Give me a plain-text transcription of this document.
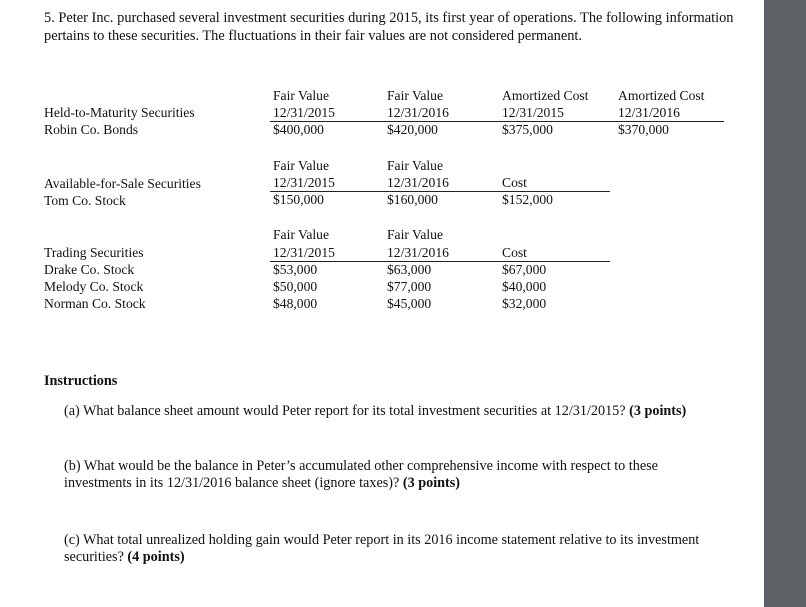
5. Peter Inc. purchased several investment securities during 2015, its first year of operations. The following information pertains to these securities. The fluctuations in their fair values are not considered permanent.
Held-to-Maturity Securities
Robin Co. Bonds
Fair Value
12/31/2015
$400,000
Fair Value
12/31/2016
$420,000
Amortized Cost
12/31/2015
$375,000
Amortized Cost
12/31/2016
$370,000
Available-for-Sale Securities
Tom Co. Stock
Fair Value
12/31/2015
$150,000
Fair Value
12/31/2016
$160,000
Cost
$152,000
Trading Securities
Drake Co. Stock
Melody Co. Stock
Norman Co. Stock
Fair Value
12/31/2015
$53,000
$50,000
$48,000
Fair Value
12/31/2016
$63,000
$77,000
$45,000
Cost
$67,000
$40,000
$32,000
Instructions
(a) What balance sheet amount would Peter report for its total investment securities at 12/31/2015? (3 points)
(b) What would be the balance in Peter’s accumulated other comprehensive income with respect to these investments in its 12/31/2016 balance sheet (ignore taxes)? (3 points)
(c) What total unrealized holding gain would Peter report in its 2016 income statement relative to its investment securities? (4 points)
